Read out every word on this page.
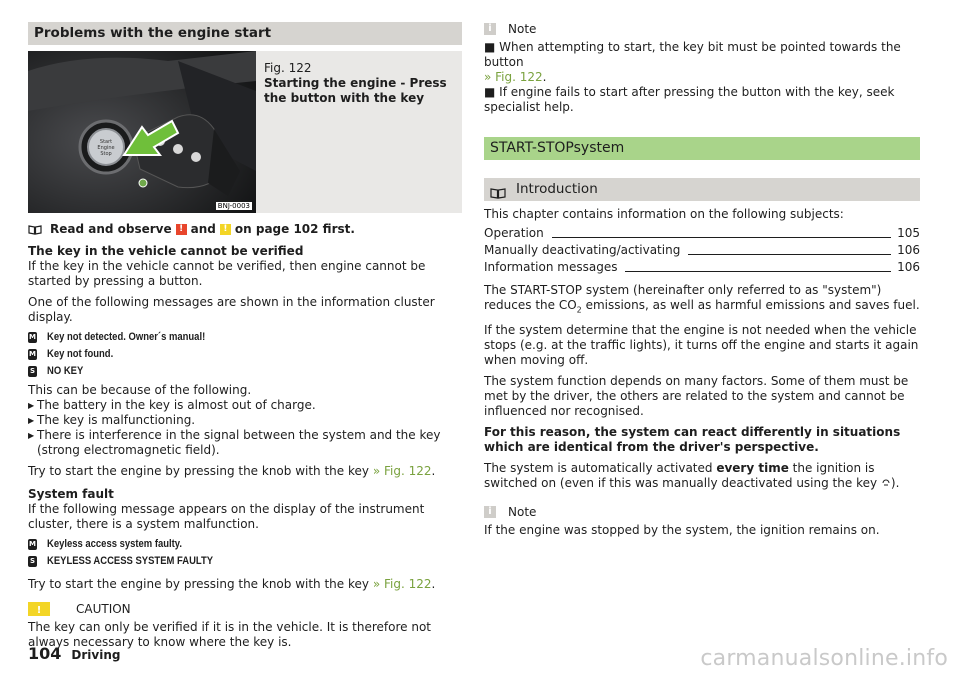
Problems with the engine start
Start
Engine
Stop
BNJ-0003
Fig. 122
Starting the engine - Press the button with the key
Read and observe ! and ! on page 102 first.

The key in the vehicle cannot be verified

If the key in the vehicle cannot be verified, then engine cannot be started by pressing a button.

One of the following messages are shown in the information cluster display.

M Key not detected. Owner´s manual!
M Key not found.
S NO KEY

This can be because of the following.

▶ The battery in the key is almost out of charge.
▶ The key is malfunctioning.
▶ There is interference in the signal between the system and the key (strong electromagnetic field).

Try to start the engine by pressing the knob with the key » Fig. 122.

System fault

If the following message appears on the display of the instrument cluster, there is a system malfunction.

M Keyless access system faulty.
S KEYLESS ACCESS SYSTEM FAULTY

Try to start the engine by pressing the knob with the key » Fig. 122.

!	CAUTION

The key can only be verified if it is in the vehicle. It is therefore not always necessary to know where the key is.

i	Note

■ When attempting to start, the key bit must be pointed towards the button
» Fig. 122.

■ If engine fails to start after pressing the button with the key, seek specialist help.

START-STOPsystem
Introduction

This chapter contains information on the following subjects:

Operation	105
Manually deactivating/activating	106
Information messages	106

The START-STOP system (hereinafter only referred to as "system") reduces the $CO_2$ emissions, as well as harmful emissions and saves fuel.

If the system determine that the engine is not needed when the vehicle stops (e.g. at the traffic lights), it turns off the engine and starts it again when moving off.

The system function depends on many factors. Some of them must be met by the driver, the others are related to the system and cannot be influenced nor recognised.

For this reason, the system can react differently in situations which are identical from the driver's perspective.

The system is automatically activated every time the ignition is switched on (even if this was manually deactivated using the key ).

i	Note

If the engine was stopped by the system, the ignition remains on.

104 Driving	carmanualsonline.info
